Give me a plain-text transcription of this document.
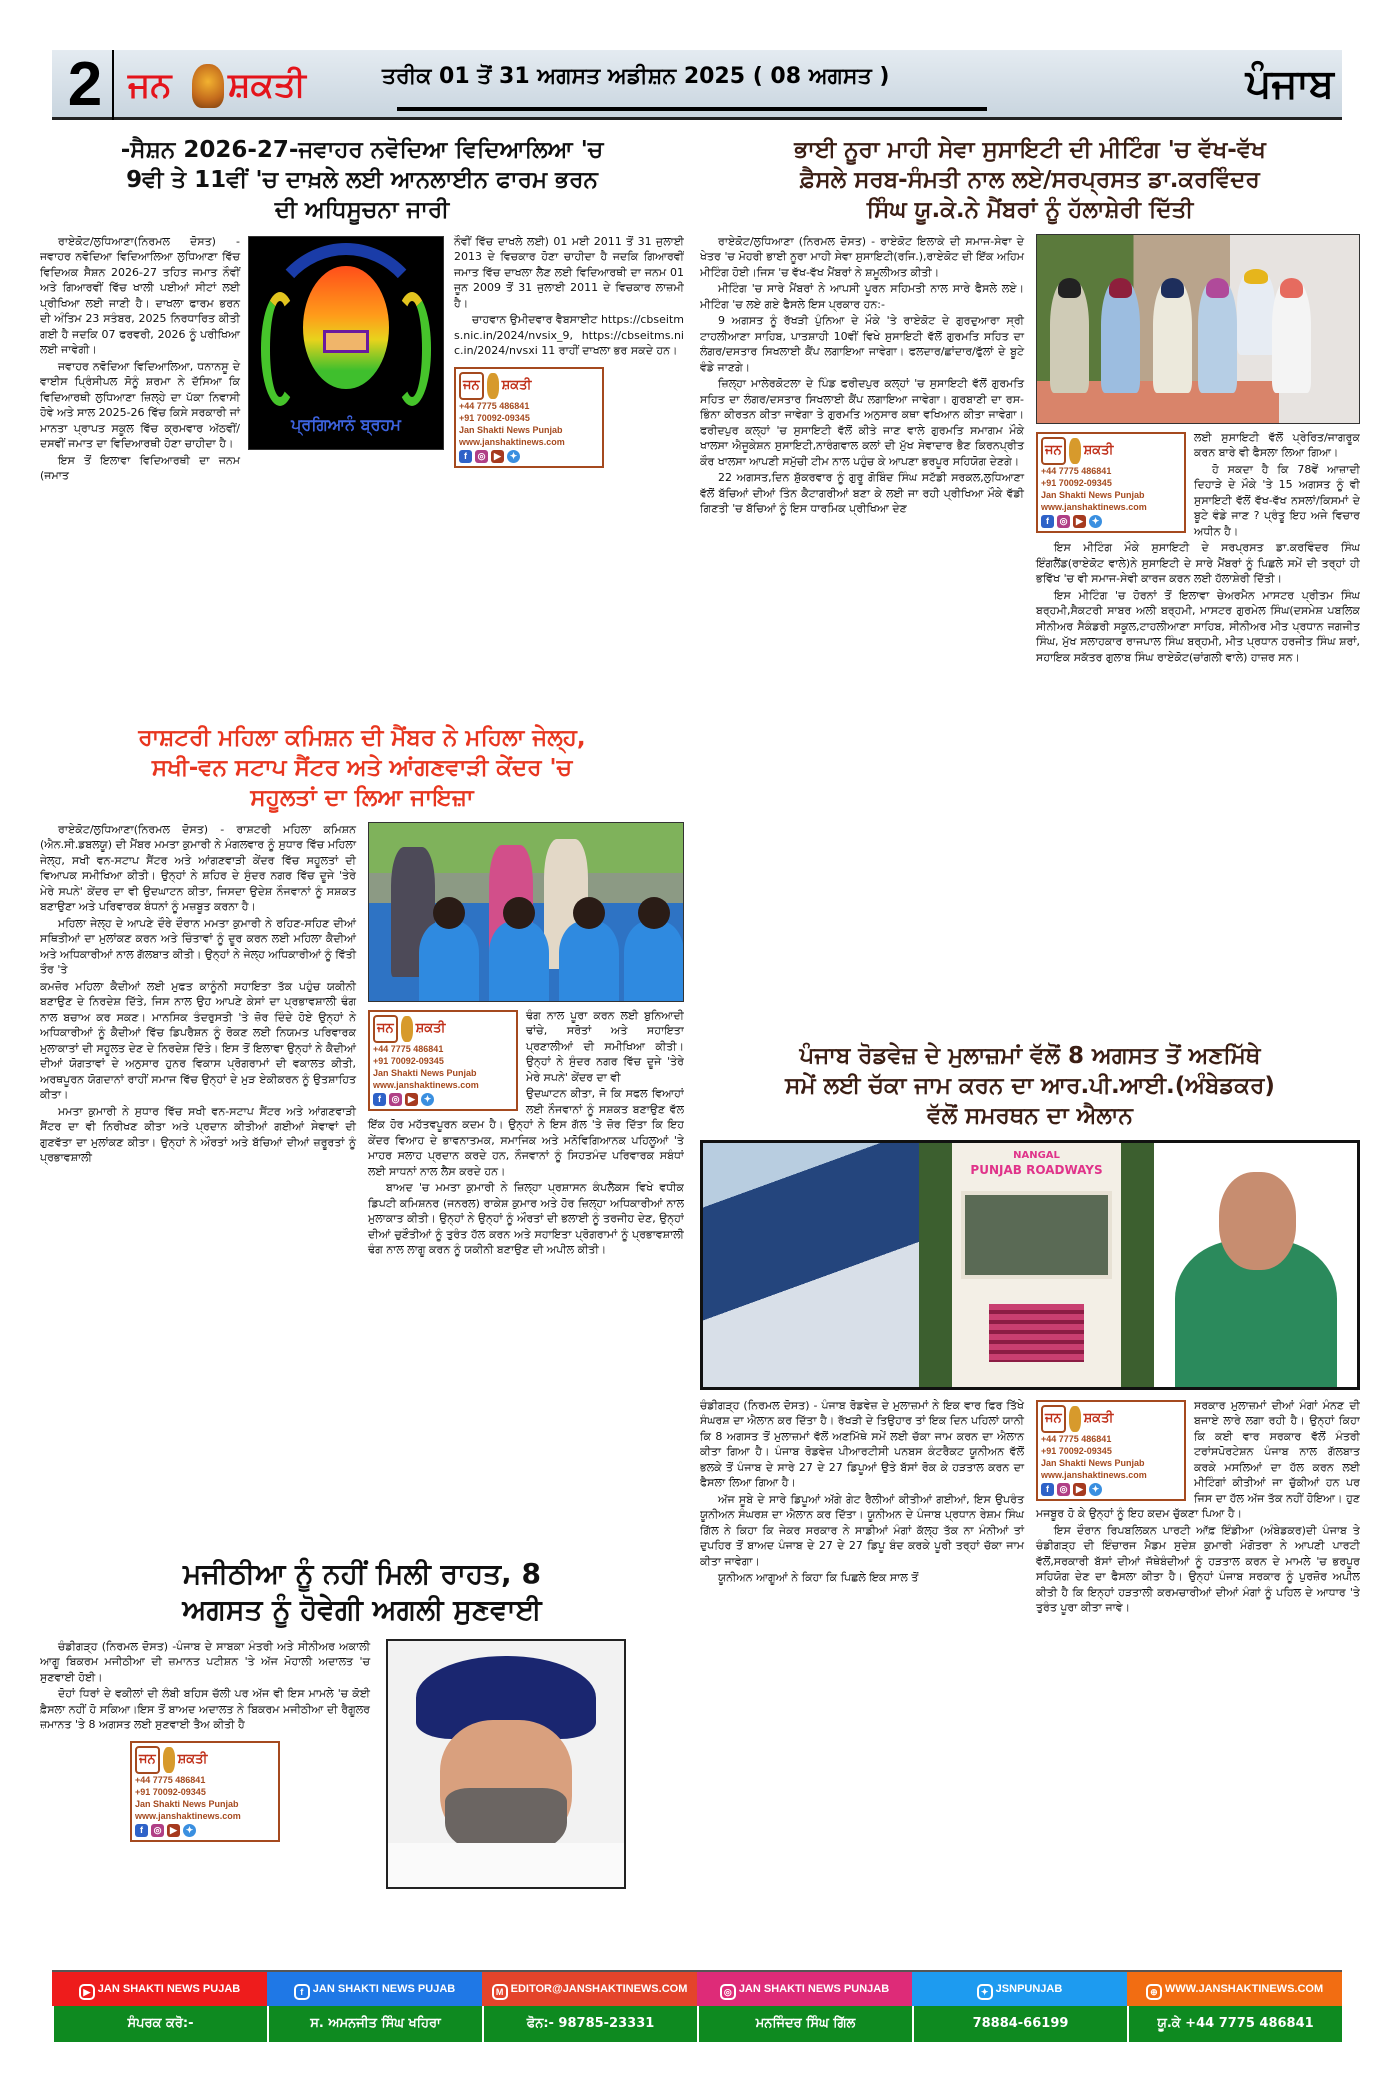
2 ਜਨ ਸ਼ਕਤੀ	ਤਰੀਕ 01 ਤੋਂ 31 ਅਗਸਤ ਅਡੀਸ਼ਨ 2025 ( 08 ਅਗਸਤ )	ਪੰਜਾਬ
-ਸੈਸ਼ਨ 2026-27-ਜਵਾਹਰ ਨਵੋਦਿਆ ਵਿਦਿਆਲਿਆ 'ਚ
9ਵੀ ਤੇ 11ਵੀਂ 'ਚ ਦਾਖ਼ਲੇ ਲਈ ਆਨਲਾਈਨ ਫਾਰਮ ਭਰਨ
ਦੀ ਅਧਿਸੂਚਨਾ ਜਾਰੀ
ਪ੍ਰਗਿਆਨੰ ਬ੍ਰਹਮ

ਰਾਏਕੋਟ/ਲੁਧਿਆਣਾ(ਨਿਰਮਲ ਦੋਸਤ) - ਜਵਾਹਰ ਨਵੋਦਿਆ ਵਿਦਿਆਲਿਆ ਲੁਧਿਆਣਾ ਵਿੱਚ ਵਿਦਿਅਕ ਸੈਸ਼ਨ 2026-27 ਤਹਿਤ ਜਮਾਤ ਨੌਵੀਂ ਅਤੇ ਗਿਆਰਵੀਂ ਵਿੱਚ ਖਾਲੀ ਪਈਆਂ ਸੀਟਾਂ ਲਈ ਪ੍ਰੀਖਿਆ ਲਈ ਜਾਣੀ ਹੈ। ਦਾਖਲਾ ਫਾਰਮ ਭਰਨ ਦੀ ਅੰਤਿਮ 23 ਸਤੰਬਰ, 2025 ਨਿਰਧਾਰਿਤ ਕੀਤੀ ਗਈ ਹੈ ਜਦਕਿ 07 ਫਰਵਰੀ, 2026 ਨੂੰ ਪਰੀਖਿਆ ਲਈ ਜਾਵੇਗੀ।

ਜਵਾਹਰ ਨਵੋਦਿਆ ਵਿਦਿਆਲਿਆ, ਧਨਾਨਸੂ ਦੇ ਵਾਈਸ ਪ੍ਰਿੰਸੀਪਲ ਸੋਨੂੰ ਸ਼ਰਮਾ ਨੇ ਦੱਸਿਆ ਕਿ ਵਿਦਿਆਰਥੀ ਲੁਧਿਆਣਾ ਜ਼ਿਲ੍ਹੇ ਦਾ ਪੱਕਾ ਨਿਵਾਸੀ ਹੋਵੇ ਅਤੇ ਸਾਲ 2025-26 ਵਿੱਚ ਕਿਸੇ ਸਰਕਾਰੀ ਜਾਂ ਮਾਨਤਾ ਪ੍ਰਾਪਤ ਸਕੂਲ ਵਿੱਚ ਕ੍ਰਮਵਾਰ ਅੱਠਵੀਂ/ਦਸਵੀਂ ਜਮਾਤ ਦਾ ਵਿਦਿਆਰਥੀ ਹੋਣਾ ਚਾਹੀਦਾ ਹੈ।

ਇਸ ਤੋਂ ਇਲਾਵਾ ਵਿਦਿਆਰਥੀ ਦਾ ਜਨਮ (ਜਮਾਤ

ਨੌਵੀਂ ਵਿੱਚ ਦਾਖਲੇ ਲਈ) 01 ਮਈ 2011 ਤੋਂ 31 ਜੁਲਾਈ 2013 ਦੇ ਵਿਚਕਾਰ ਹੋਣਾ ਚਾਹੀਦਾ ਹੈ ਜਦਕਿ ਗਿਆਰਵੀਂ ਜਮਾਤ ਵਿੱਚ ਦਾਖਲਾ ਲੈਣ ਲਈ ਵਿਦਿਆਰਥੀ ਦਾ ਜਨਮ 01 ਜੂਨ 2009 ਤੋਂ 31 ਜੁਲਾਈ 2011 ਦੇ ਵਿਚਕਾਰ ਲਾਜ਼ਮੀ ਹੈ।

ਚਾਹਵਾਨ ਉਮੀਦਵਾਰ ਵੈਬਸਾਈਟ https://cbseitms.nic.in/2024/nvsix_9, https://cbseitms.nic.in/2024/nvsxi 11 ਰਾਹੀਂ ਦਾਖਲਾ ਭਰ ਸਕਦੇ ਹਨ।

ਜਨ	ਸ਼ਕਤੀ
+44 7775 486841
+91 70092-09345
Jan Shakti News Punjab
www.janshaktinews.com
f	◎ ▶ ✦
ਰਾਸ਼ਟਰੀ ਮਹਿਲਾ ਕਮਿਸ਼ਨ ਦੀ ਮੈਂਬਰ ਨੇ ਮਹਿਲਾ ਜੇਲ੍ਹ,
ਸਖੀ-ਵਨ ਸਟਾਪ ਸੈਂਟਰ ਅਤੇ ਆਂਗਣਵਾੜੀ ਕੇਂਦਰ 'ਚ
ਸਹੂਲਤਾਂ ਦਾ ਲਿਆ ਜਾਇਜ਼ਾ

ਰਾਏਕੋਟ/ਲੁਧਿਆਣਾ(ਨਿਰਮਲ ਦੋਸਤ) - ਰਾਸ਼ਟਰੀ ਮਹਿਲਾ ਕਮਿਸ਼ਨ (ਐਨ.ਸੀ.ਡਬਲਯੂ) ਦੀ ਮੈਂਬਰ ਮਮਤਾ ਕੁਮਾਰੀ ਨੇ ਮੰਗਲਵਾਰ ਨੂੰ ਸੁਧਾਰ ਵਿੱਚ ਮਹਿਲਾ ਜੇਲ੍ਹ, ਸਖੀ ਵਨ-ਸਟਾਪ ਸੈਂਟਰ ਅਤੇ ਆਂਗਣਵਾੜੀ ਕੇਂਦਰ ਵਿੱਚ ਸਹੂਲਤਾਂ ਦੀ ਵਿਆਪਕ ਸਮੀਖਿਆ ਕੀਤੀ। ਉਨ੍ਹਾਂ ਨੇ ਸ਼ਹਿਰ ਦੇ ਸੁੰਦਰ ਨਗਰ ਵਿੱਚ ਦੂਜੇ 'ਤੇਰੇ ਮੇਰੇ ਸਪਨੇ' ਕੇਂਦਰ ਦਾ ਵੀ ਉਦਘਾਟਨ ਕੀਤਾ, ਜਿਸਦਾ ਉਦੇਸ਼ ਨੌਜਵਾਨਾਂ ਨੂੰ ਸਸ਼ਕਤ ਬਣਾਉਣਾ ਅਤੇ ਪਰਿਵਾਰਕ ਬੰਧਨਾਂ ਨੂੰ ਮਜ਼ਬੂਤ ਕਰਨਾ ਹੈ।

ਮਹਿਲਾ ਜੇਲ੍ਹ ਦੇ ਆਪਣੇ ਦੌਰੇ ਦੌਰਾਨ ਮਮਤਾ ਕੁਮਾਰੀ ਨੇ ਰਹਿਣ-ਸਹਿਣ ਦੀਆਂ ਸਥਿਤੀਆਂ ਦਾ ਮੁਲਾਂਕਣ ਕਰਨ ਅਤੇ ਚਿੰਤਾਵਾਂ ਨੂੰ ਦੂਰ ਕਰਨ ਲਈ ਮਹਿਲਾ ਕੈਦੀਆਂ ਅਤੇ ਅਧਿਕਾਰੀਆਂ ਨਾਲ ਗੱਲਬਾਤ ਕੀਤੀ। ਉਨ੍ਹਾਂ ਨੇ ਜੇਲ੍ਹ ਅਧਿਕਾਰੀਆਂ ਨੂੰ ਵਿੱਤੀ ਤੌਰ 'ਤੇ

ਕਮਜ਼ੋਰ ਮਹਿਲਾ ਕੈਦੀਆਂ ਲਈ ਮੁਫਤ ਕਾਨੂੰਨੀ ਸਹਾਇਤਾ ਤੱਕ ਪਹੁੰਚ ਯਕੀਨੀ ਬਣਾਉਣ ਦੇ ਨਿਰਦੇਸ਼ ਦਿੱਤੇ, ਜਿਸ ਨਾਲ ਉਹ ਆਪਣੇ ਕੇਸਾਂ ਦਾ ਪ੍ਰਭਾਵਸ਼ਾਲੀ ਢੰਗ ਨਾਲ ਬਚਾਅ ਕਰ ਸਕਣ। ਮਾਨਸਿਕ ਤੰਦਰੁਸਤੀ 'ਤੇ ਜ਼ੋਰ ਦਿੰਦੇ ਹੋਏ ਉਨ੍ਹਾਂ ਨੇ ਅਧਿਕਾਰੀਆਂ ਨੂੰ ਕੈਦੀਆਂ ਵਿੱਚ ਡਿਪਰੈਸ਼ਨ ਨੂੰ ਰੋਕਣ ਲਈ ਨਿਯਮਤ ਪਰਿਵਾਰਕ ਮੁਲਾਕਾਤਾਂ ਦੀ ਸਹੂਲਤ ਦੇਣ ਦੇ ਨਿਰਦੇਸ਼ ਦਿੱਤੇ। ਇਸ ਤੋਂ ਇਲਾਵਾ ਉਨ੍ਹਾਂ ਨੇ ਕੈਦੀਆਂ ਦੀਆਂ ਯੋਗਤਾਵਾਂ ਦੇ ਅਨੁਸਾਰ ਹੁਨਰ ਵਿਕਾਸ ਪ੍ਰੋਗਰਾਮਾਂ ਦੀ ਵਕਾਲਤ ਕੀਤੀ, ਅਰਥਪੂਰਨ ਯੋਗਦਾਨਾਂ ਰਾਹੀਂ ਸਮਾਜ ਵਿੱਚ ਉਨ੍ਹਾਂ ਦੇ ਮੁੜ ਏਕੀਕਰਨ ਨੂੰ ਉਤਸ਼ਾਹਿਤ ਕੀਤਾ।

ਮਮਤਾ ਕੁਮਾਰੀ ਨੇ ਸੁਧਾਰ ਵਿੱਚ ਸਖੀ ਵਨ-ਸਟਾਪ ਸੈਂਟਰ ਅਤੇ ਆਂਗਣਵਾੜੀ ਸੈਂਟਰ ਦਾ ਵੀ ਨਿਰੀਖਣ ਕੀਤਾ ਅਤੇ ਪ੍ਰਦਾਨ ਕੀਤੀਆਂ ਗਈਆਂ ਸੇਵਾਵਾਂ ਦੀ ਗੁਣਵੱਤਾ ਦਾ ਮੁਲਾਂਕਣ ਕੀਤਾ। ਉਨ੍ਹਾਂ ਨੇ ਔਰਤਾਂ ਅਤੇ ਬੱਚਿਆਂ ਦੀਆਂ ਜ਼ਰੂਰਤਾਂ ਨੂੰ ਪ੍ਰਭਾਵਸ਼ਾਲੀ

ਜਨ	ਸ਼ਕਤੀ
+44 7775 486841
+91 70092-09345
Jan Shakti News Punjab
www.janshaktinews.com
f	◎ ▶ ✦

ਢੰਗ ਨਾਲ ਪੂਰਾ ਕਰਨ ਲਈ ਬੁਨਿਆਦੀ ਢਾਂਚੇ, ਸਰੋਤਾਂ ਅਤੇ ਸਹਾਇਤਾ ਪ੍ਰਣਾਲੀਆਂ ਦੀ ਸਮੀਖਿਆ ਕੀਤੀ। ਉਨ੍ਹਾਂ ਨੇ ਸੁੰਦਰ ਨਗਰ ਵਿੱਚ ਦੂਜੇ 'ਤੇਰੇ ਮੇਰੇ ਸਪਨੇ' ਕੇਂਦਰ ਦਾ ਵੀ

ਉਦਘਾਟਨ ਕੀਤਾ, ਜੋ ਕਿ ਸਫਲ ਵਿਆਹਾਂ ਲਈ ਨੌਜਵਾਨਾਂ ਨੂੰ ਸਸ਼ਕਤ ਬਣਾਉਣ ਵੱਲ ਇੱਕ ਹੋਰ ਮਹੱਤਵਪੂਰਨ ਕਦਮ ਹੈ। ਉਨ੍ਹਾਂ ਨੇ ਇਸ ਗੱਲ 'ਤੇ ਜ਼ੋਰ ਦਿੱਤਾ ਕਿ ਇਹ ਕੇਂਦਰ ਵਿਆਹ ਦੇ ਭਾਵਨਾਤਮਕ, ਸਮਾਜਿਕ ਅਤੇ ਮਨੋਵਿਗਿਆਨਕ ਪਹਿਲੂਆਂ 'ਤੇ ਮਾਹਰ ਸਲਾਹ ਪ੍ਰਦਾਨ ਕਰਦੇ ਹਨ, ਨੌਜਵਾਨਾਂ ਨੂੰ ਸਿਹਤਮੰਦ ਪਰਿਵਾਰਕ ਸਬੰਧਾਂ ਲਈ ਸਾਧਨਾਂ ਨਾਲ ਲੈਸ ਕਰਦੇ ਹਨ।

ਬਾਅਦ 'ਚ ਮਮਤਾ ਕੁਮਾਰੀ ਨੇ ਜ਼ਿਲ੍ਹਾ ਪ੍ਰਸ਼ਾਸਨ ਕੰਪਲੈਕਸ ਵਿਖੇ ਵਧੀਕ ਡਿਪਟੀ ਕਮਿਸ਼ਨਰ (ਜਨਰਲ) ਰਾਕੇਸ਼ ਕੁਮਾਰ ਅਤੇ ਹੋਰ ਜ਼ਿਲ੍ਹਾ ਅਧਿਕਾਰੀਆਂ ਨਾਲ ਮੁਲਾਕਾਤ ਕੀਤੀ। ਉਨ੍ਹਾਂ ਨੇ ਉਨ੍ਹਾਂ ਨੂੰ ਔਰਤਾਂ ਦੀ ਭਲਾਈ ਨੂੰ ਤਰਜੀਹ ਦੇਣ, ਉਨ੍ਹਾਂ ਦੀਆਂ ਚੁਣੌਤੀਆਂ ਨੂੰ ਤੁਰੰਤ ਹੱਲ ਕਰਨ ਅਤੇ ਸਹਾਇਤਾ ਪ੍ਰੋਗਰਾਮਾਂ ਨੂੰ ਪ੍ਰਭਾਵਸ਼ਾਲੀ ਢੰਗ ਨਾਲ ਲਾਗੂ ਕਰਨ ਨੂੰ ਯਕੀਨੀ ਬਣਾਉਣ ਦੀ ਅਪੀਲ ਕੀਤੀ।

ਮਜੀਠੀਆ ਨੂੰ ਨਹੀਂ ਮਿਲੀ ਰਾਹਤ, 8
ਅਗਸਤ ਨੂੰ ਹੋਵੇਗੀ ਅਗਲੀ ਸੁਣਵਾਈ

ਚੰਡੀਗੜ੍ਹ (ਨਿਰਮਲ ਦੋਸਤ) -ਪੰਜਾਬ ਦੇ ਸਾਬਕਾ ਮੰਤਰੀ ਅਤੇ ਸੀਨੀਅਰ ਅਕਾਲੀ ਆਗੂ ਬਿਕਰਮ ਮਜੀਠੀਆ ਦੀ ਜ਼ਮਾਨਤ ਪਟੀਸ਼ਨ 'ਤੇ ਅੱਜ ਮੋਹਾਲੀ ਅਦਾਲਤ 'ਚ ਸੁਣਵਾਈ ਹੋਈ।

ਦੋਹਾਂ ਧਿਰਾਂ ਦੇ ਵਕੀਲਾਂ ਦੀ ਲੰਬੀ ਬਹਿਸ ਚੱਲੀ ਪਰ ਅੱਜ ਵੀ ਇਸ ਮਾਮਲੇ 'ਚ ਕੋਈ ਫ਼ੈਸਲਾ ਨਹੀਂ ਹੋ ਸਕਿਆ।ਇਸ ਤੋਂ ਬਾਅਦ ਅਦਾਲਤ ਨੇ ਬਿਕਰਮ ਮਜੀਠੀਆ ਦੀ ਰੈਗੂਲਰ ਜ਼ਮਾਨਤ 'ਤੇ 8 ਅਗਸਤ ਲਈ ਸੁਣਵਾਈ ਤੈਅ ਕੀਤੀ ਹੈ

ਜਨ	ਸ਼ਕਤੀ
+44 7775 486841
+91 70092-09345
Jan Shakti News Punjab
www.janshaktinews.com
f	◎ ▶ ✦
ਭਾਈ ਨੂਰਾ ਮਾਹੀ ਸੇਵਾ ਸੁਸਾਇਟੀ ਦੀ ਮੀਟਿੰਗ 'ਚ ਵੱਖ-ਵੱਖ
ਫ਼ੈਸਲੇ ਸਰਬ-ਸੰਮਤੀ ਨਾਲ ਲਏ/ਸਰਪ੍ਰਸਤ ਡਾ.ਕਰਵਿੰਦਰ
ਸਿੰਘ ਯੂ.ਕੇ.ਨੇ ਮੈਂਬਰਾਂ ਨੂੰ ਹੱਲਾਸ਼ੇਰੀ ਦਿੱਤੀ

ਰਾਏਕੋਟ/ਲੁਧਿਆਣਾ (ਨਿਰਮਲ ਦੋਸਤ) - ਰਾਏਕੋਟ ਇਲਾਕੇ ਦੀ ਸਮਾਜ-ਸੇਵਾ ਦੇ ਖੇਤਰ 'ਚ ਮੋਹਰੀ ਭਾਈ ਨੂਰਾ ਮਾਹੀ ਸੇਵਾ ਸੁਸਾਇਟੀ(ਰਜਿ.),ਰਾਏਕੋਟ ਦੀ ਇੱਕ ਅਹਿਮ ਮੀਟਿੰਗ ਹੋਈ।ਜਿਸ 'ਚ ਵੱਖ-ਵੱਖ ਮੈਂਬਰਾਂ ਨੇ ਸ਼ਮੂਲੀਅਤ ਕੀਤੀ।

ਮੀਟਿੰਗ 'ਚ ਸਾਰੇ ਮੈਂਬਰਾਂ ਨੇ ਆਪਸੀ ਪੂਰਨ ਸਹਿਮਤੀ ਨਾਲ ਸਾਰੇ ਫੈਸਲੇ ਲਏ। ਮੀਟਿੰਗ 'ਚ ਲਏ ਗਏ ਫੈਸਲੇ ਇਸ ਪ੍ਰਕਾਰ ਹਨ:-

9 ਅਗਸਤ ਨੂੰ ਰੱਖੜੀ ਪੁੰਨਿਆ ਦੇ ਮੌਕੇ 'ਤੇ ਰਾਏਕੋਟ ਦੇ ਗੁਰਦੁਆਰਾ ਸ੍ਰੀ ਟਾਹਲੀਆਣਾ ਸਾਹਿਬ, ਪਾਤਸ਼ਾਹੀ 10ਵੀਂ ਵਿਖੇ ਸੁਸਾਇਟੀ ਵੱਲੋਂ ਗੁਰਮਤਿ ਸਹਿਤ ਦਾ ਲੰਗਰ/ਦਸਤਾਰ ਸਿਖਲਾਈ ਕੈਂਪ ਲਗਾਇਆ ਜਾਵੇਗਾ। ਫਲਦਾਰ/ਛਾਂਦਾਰ/ਫੁੱਲਾਂ ਦੇ ਬੂਟੇ ਵੰਡੇ ਜਾਣਗੇ।

ਜ਼ਿਲ੍ਹਾ ਮਾਲੇਰਕੋਟਲਾ ਦੇ ਪਿੰਡ ਫਰੀਦਪੁਰ ਕਲ੍ਹਾਂ 'ਚ ਸੁਸਾਇਟੀ ਵੱਲੋਂ ਗੁਰਮਤਿ ਸਹਿਤ ਦਾ ਲੰਗਰ/ਦਸਤਾਰ ਸਿਖਲਾਈ ਕੈਂਪ ਲਗਾਇਆ ਜਾਵੇਗਾ। ਗੁਰਬਾਣੀ ਦਾ ਰਸ-ਭਿੰਨਾ ਕੀਰਤਨ ਕੀਤਾ ਜਾਵੇਗਾ ਤੇ ਗੁਰਮਤਿ ਅਨੁਸਾਰ ਕਥਾ ਵਖਿਆਨ ਕੀਤਾ ਜਾਵੇਗਾ। ਫਰੀਦਪੁਰ ਕਲ੍ਹਾਂ 'ਚ ਸੁਸਾਇਟੀ ਵੱਲੋਂ ਕੀਤੇ ਜਾਣ ਵਾਲੇ ਗੁਰਮਤਿ ਸਮਾਗਮ ਮੌਕੇ ਖਾਲਸਾ ਐਜੂਕੇਸ਼ਨ ਸੁਸਾਇਟੀ,ਨਾਰੰਗਵਾਲ ਕਲਾਂ ਦੀ ਮੁੱਖ ਸੇਵਾਦਾਰ ਭੈਣ ਕਿਰਨਪ੍ਰੀਤ ਕੌਰ ਖਾਲਸਾ ਆਪਣੀ ਸਮੁੱਚੀ ਟੀਮ ਨਾਲ ਪਹੁੰਚ ਕੇ ਆਪਣਾ ਭਰਪੂਰ ਸਹਿਯੋਗ ਦੇਣਗੇ।

22 ਅਗਸਤ,ਦਿਨ ਸ਼ੁੱਕਰਵਾਰ ਨੂੰ ਗੁਰੂ ਗੋਬਿੰਦ ਸਿੰਘ ਸਟੱਡੀ ਸਰਕਲ,ਲੁਧਿਆਣਾ ਵੱਲੋਂ ਬੱਚਿਆਂ ਦੀਆਂ ਤਿੰਨ ਕੈਟਾਗਰੀਆਂ ਬਣਾ ਕੇ ਲਈ ਜਾ ਰਹੀ ਪ੍ਰੀਖਿਆ ਮੌਕੇ ਵੱਡੀ ਗਿਣਤੀ 'ਚ ਬੱਚਿਆਂ ਨੂੰ ਇਸ ਧਾਰਮਿਕ ਪ੍ਰੀਖਿਆ ਦੇਣ

ਜਨ	ਸ਼ਕਤੀ
+44 7775 486841
+91 70092-09345
Jan Shakti News Punjab
www.janshaktinews.com
f	◎ ▶ ✦

ਲਈ ਸੁਸਾਇਟੀ ਵੱਲੋਂ ਪ੍ਰੇਰਿਤ/ਜਾਗਰੂਕ ਕਰਨ ਬਾਰੇ ਵੀ ਫੈਸਲਾ ਲਿਆ ਗਿਆ।

ਹੋ ਸਕਦਾ ਹੈ ਕਿ 78ਵੇਂ ਆਜ਼ਾਦੀ ਦਿਹਾੜੇ ਦੇ ਮੌਕੇ 'ਤੇ 15 ਅਗਸਤ ਨੂੰ ਵੀ ਸੁਸਾਇਟੀ ਵੱਲੋਂ ਵੱਖ-ਵੱਖ ਨਸਲਾਂ/ਕਿਸਮਾਂ ਦੇ ਬੂਟੇ ਵੰਡੇ ਜਾਣ ? ਪ੍ਰੰਤੂ ਇਹ ਅਜੇ ਵਿਚਾਰ ਅਧੀਨ ਹੈ।

ਇਸ ਮੀਟਿੰਗ ਮੌਕੇ ਸੁਸਾਇਟੀ ਦੇ ਸਰਪ੍ਰਸਤ ਡਾ.ਕਰਵਿੰਦਰ ਸਿੰਘ ਇੰਗਲੈਂਡ(ਰਾਏਕੋਟ ਵਾਲੇ)ਨੇ ਸੁਸਾਇਟੀ ਦੇ ਸਾਰੇ ਮੈਂਬਰਾਂ ਨੂੰ ਪਿਛਲੇ ਸਮੇਂ ਦੀ ਤਰ੍ਹਾਂ ਹੀ ਭਵਿੱਖ 'ਚ ਵੀ ਸਮਾਜ-ਸੇਵੀ ਕਾਰਜ ਕਰਨ ਲਈ ਹੱਲਾਸ਼ੇਰੀ ਦਿੱਤੀ।

ਇਸ ਮੀਟਿੰਗ 'ਚ ਹੋਰਨਾਂ ਤੋਂ ਇਲਾਵਾ ਚੇਅਰਮੈਨ ਮਾਸਟਰ ਪ੍ਰੀਤਮ ਸਿੰਘ ਬਰ੍ਹਮੀ,ਸੈਕਟਰੀ ਸਾਬਰ ਅਲੀ ਬਰ੍ਹਮੀ, ਮਾਸਟਰ ਗੁਰਮੇਲ ਸਿੰਘ(ਦਸਮੇਸ਼ ਪਬਲਿਕ ਸੀਨੀਅਰ ਸੈਕੰਡਰੀ ਸਕੂਲ,ਟਾਹਲੀਆਣਾ ਸਾਹਿਬ, ਸੀਨੀਅਰ ਮੀਤ ਪ੍ਰਧਾਨ ਜਗਜੀਤ ਸਿੰਘ, ਮੁੱਖ ਸਲਾਹਕਾਰ ਰਾਜਪਾਲ ਸਿੰਘ ਬਰ੍ਹਮੀ, ਮੀਤ ਪ੍ਰਧਾਨ ਹਰਜੀਤ ਸਿੰਘ ਸ਼ਰਾਂ, ਸਹਾਇਕ ਸਕੱਤਰ ਗੁਲਾਬ ਸਿੰਘ ਰਾਏਕੋਟ(ਚਾਂਗਲੀ ਵਾਲੇ) ਹਾਜ਼ਰ ਸਨ।

ਪੰਜਾਬ ਰੋਡਵੇਜ਼ ਦੇ ਮੁਲਾਜ਼ਮਾਂ ਵੱਲੋਂ 8 ਅਗਸਤ ਤੋਂ ਅਣਮਿੱਥੇ
ਸਮੇਂ ਲਈ ਚੱਕਾ ਜਾਮ ਕਰਨ ਦਾ ਆਰ.ਪੀ.ਆਈ.(ਅੰਬੇਡਕਰ)
ਵੱਲੋਂ ਸਮਰਥਨ ਦਾ ਐਲਾਨ
NANGAL
PUNJAB ROADWAYS

ਚੰਡੀਗੜ੍ਹ (ਨਿਰਮਲ ਦੋਸਤ) - ਪੰਜਾਬ ਰੋਡਵੇਜ਼ ਦੇ ਮੁਲਾਜ਼ਮਾਂ ਨੇ ਇਕ ਵਾਰ ਫਿਰ ਤਿੱਖੇ ਸੰਘਰਸ਼ ਦਾ ਐਲਾਨ ਕਰ ਦਿੱਤਾ ਹੈ। ਰੱਖੜੀ ਦੇ ਤਿਉਹਾਰ ਤਾਂ ਇਕ ਦਿਨ ਪਹਿਲਾਂ ਯਾਨੀ ਕਿ 8 ਅਗਸਤ ਤੋਂ ਮੁਲਾਜ਼ਮਾਂ ਵੱਲੋਂ ਅਣਮਿੱਥੇ ਸਮੇਂ ਲਈ ਚੱਕਾ ਜਾਮ ਕਰਨ ਦਾ ਐਲਾਨ ਕੀਤਾ ਗਿਆ ਹੈ। ਪੰਜਾਬ ਰੋਡਵੇਜ਼ ਪੀਆਰਟੀਸੀ ਪਨਬਸ ਕੰਟਰੈਕਟ ਯੂਨੀਅਨ ਵੱਲੋਂ ਭਲਕੇ ਤੋਂ ਪੰਜਾਬ ਦੇ ਸਾਰੇ 27 ਦੇ 27 ਡਿਪੂਆਂ ਉਤੇ ਬੱਸਾਂ ਰੋਕ ਕੇ ਹੜਤਾਲ ਕਰਨ ਦਾ ਫੈਸਲਾ ਲਿਆ ਗਿਆ ਹੈ।

ਅੱਜ ਸੂਬੇ ਦੇ ਸਾਰੇ ਡਿਪੂਆਂ ਅੱਗੇ ਗੇਟ ਰੈਲੀਆਂ ਕੀਤੀਆਂ ਗਈਆਂ, ਇਸ ਉਪਰੰਤ ਯੂਨੀਅਨ ਸੰਘਰਸ਼ ਦਾ ਐਲਾਨ ਕਰ ਦਿੱਤਾ। ਯੂਨੀਅਨ ਦੇ ਪੰਜਾਬ ਪ੍ਰਧਾਨ ਰੇਸ਼ਮ ਸਿੰਘ ਗਿੱਲ ਨੇ ਕਿਹਾ ਕਿ ਜੇਕਰ ਸਰਕਾਰ ਨੇ ਸਾਡੀਆਂ ਮੰਗਾਂ ਕੱਲ੍ਹ ਤੱਕ ਨਾ ਮੰਨੀਆਂ ਤਾਂ ਦੁਪਹਿਰ ਤੋਂ ਬਾਅਦ ਪੰਜਾਬ ਦੇ 27 ਦੇ 27 ਡਿਪੂ ਬੰਦ ਕਰਕੇ ਪੂਰੀ ਤਰ੍ਹਾਂ ਚੱਕਾ ਜਾਮ ਕੀਤਾ ਜਾਵੇਗਾ।

ਯੂਨੀਅਨ ਆਗੂਆਂ ਨੇ ਕਿਹਾ ਕਿ ਪਿਛਲੇ ਇਕ ਸਾਲ ਤੋਂ

ਜਨ	ਸ਼ਕਤੀ
+44 7775 486841
+91 70092-09345
Jan Shakti News Punjab
www.janshaktinews.com
f	◎ ▶ ✦

ਸਰਕਾਰ ਮੁਲਾਜ਼ਮਾਂ ਦੀਆਂ ਮੰਗਾਂ ਮੰਨਣ ਦੀ ਬਜਾਏ ਲਾਰੇ ਲਗਾ ਰਹੀ ਹੈ। ਉਨ੍ਹਾਂ ਕਿਹਾ ਕਿ ਕਈ ਵਾਰ ਸਰਕਾਰ ਵੱਲੋਂ ਮੰਤਰੀ ਟਰਾਂਸਪੋਰਟੇਸ਼ਨ ਪੰਜਾਬ ਨਾਲ ਗੱਲਬਾਤ ਕਰਕੇ ਮਸਲਿਆਂ ਦਾ ਹੱਲ ਕਰਨ ਲਈ ਮੀਟਿੰਗਾਂ ਕੀਤੀਆਂ ਜਾ ਚੁੱਕੀਆਂ ਹਨ ਪਰ ਜਿਸ ਦਾ ਹੱਲ ਅੱਜ ਤੱਕ ਨਹੀਂ ਹੋਇਆ। ਹੁਣ ਮਜਬੂਰ ਹੋ ਕੇ ਉਨ੍ਹਾਂ ਨੂੰ ਇਹ ਕਦਮ ਚੁੱਕਣਾ ਪਿਆ ਹੈ।

ਇਸ ਦੌਰਾਨ ਰਿਪਬਲਿਕਨ ਪਾਰਟੀ ਆੱਫ਼ ਇੰਡੀਆ (ਅੰਬੇਡਕਰ)ਦੀ ਪੰਜਾਬ ਤੇ ਚੰਡੀਗੜ੍ਹ ਦੀ ਇੰਚਾਰਜ ਮੈਡਮ ਸੁਦੇਸ਼ ਕੁਮਾਰੀ ਮੰਗੋਤਰਾ ਨੇ ਆਪਣੀ ਪਾਰਟੀ ਵੱਲੋਂ,ਸਰਕਾਰੀ ਬੱਸਾਂ ਦੀਆਂ ਜੱਥੇਬੰਦੀਆਂ ਨੂੰ ਹੜਤਾਲ ਕਰਨ ਦੇ ਮਾਮਲੇ 'ਚ ਭਰਪੂਰ ਸਹਿਯੋਗ ਦੇਣ ਦਾ ਫੈਸਲਾ ਕੀਤਾ ਹੈ। ਉਨ੍ਹਾਂ ਪੰਜਾਬ ਸਰਕਾਰ ਨੂੰ ਪੁਰਜ਼ੋਰ ਅਪੀਲ ਕੀਤੀ ਹੈ ਕਿ ਇਨ੍ਹਾਂ ਹੜਤਾਲੀ ਕਰਮਚਾਰੀਆਂ ਦੀਆਂ ਮੰਗਾਂ ਨੂੰ ਪਹਿਲ ਦੇ ਆਧਾਰ 'ਤੇ ਤੁਰੰਤ ਪੂਰਾ ਕੀਤਾ ਜਾਵੇ।

▶ JAN SHAKTI NEWS PUJAB	f JAN SHAKTI NEWS PUJAB	M EDITOR@JANSHAKTINEWS.COM	◎ JAN SHAKTI NEWS PUNJAB	✦ JSNPUNJAB	⊕ WWW.JANSHAKTINEWS.COM
ਸੰਪਰਕ ਕਰੋ:-	ਸ. ਅਮਨਜੀਤ ਸਿੰਘ ਖਹਿਰਾ	ਫੋਨ:- 98785-23331	ਮਨਜਿੰਦਰ ਸਿੰਘ ਗਿੱਲ	78884-66199	ਯੂ.ਕੇ +44 7775 486841
